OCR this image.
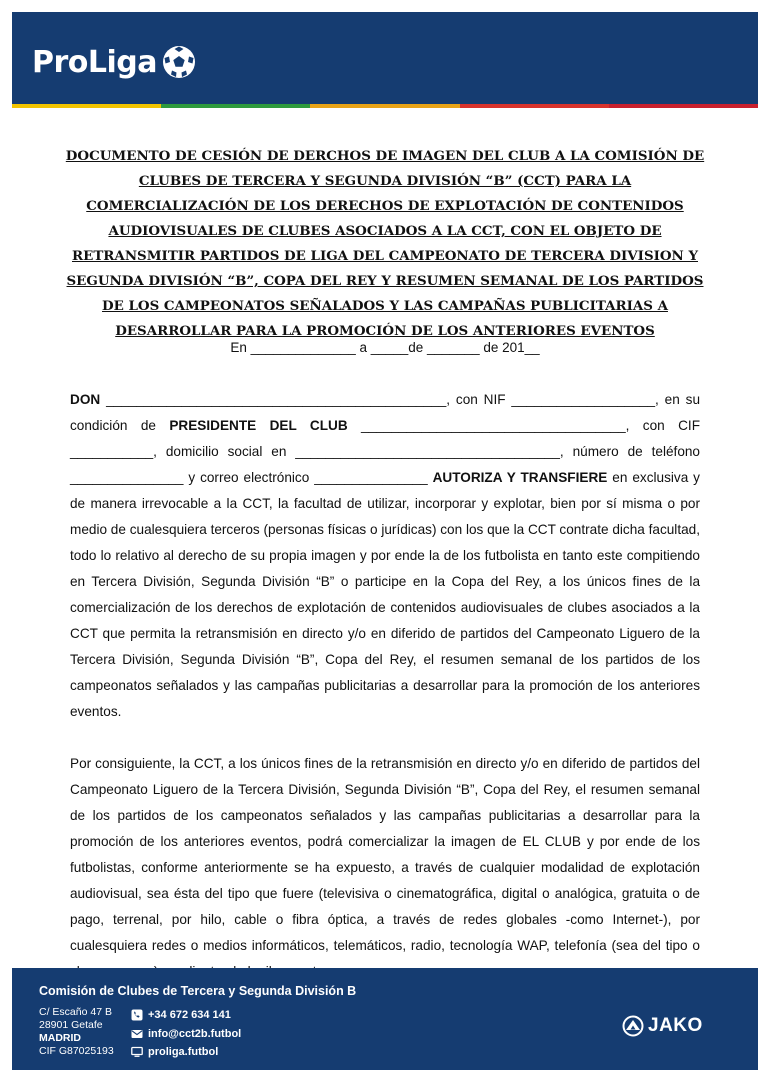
ProLiga
DOCUMENTO DE CESIÓN DE DERCHOS DE IMAGEN DEL CLUB A LA COMISIÓN DE CLUBES DE TERCERA Y SEGUNDA DIVISIÓN “B” (CCT) PARA LA COMERCIALIZACIÓN DE LOS DERECHOS DE EXPLOTACIÓN DE CONTENIDOS AUDIOVISUALES DE CLUBES ASOCIADOS A LA CCT, CON EL OBJETO DE RETRANSMITIR PARTIDOS DE LIGA DEL CAMPEONATO DE TERCERA DIVISION Y SEGUNDA DIVISIÓN “B”, COPA DEL REY Y RESUMEN SEMANAL DE LOS PARTIDOS DE LOS CAMPEONATOS SEÑALADOS Y LAS CAMPAÑAS PUBLICITARIAS A DESARROLLAR PARA LA PROMOCIÓN DE LOS ANTERIORES EVENTOS
En ______________ a _____de _______ de 201__

DON _____________________________________________, con NIF ___________________, en su condición de PRESIDENTE DEL CLUB ___________________________________, con CIF ___________, domicilio social en ___________________________________, número de teléfono _______________ y correo electrónico _______________ AUTORIZA Y TRANSFIERE en exclusiva y de manera irrevocable a la CCT, la facultad de utilizar, incorporar y explotar, bien por sí misma o por medio de cualesquiera terceros (personas físicas o jurídicas) con los que la CCT contrate dicha facultad, todo lo relativo al derecho de su propia imagen y por ende la de los futbolista en tanto este compitiendo en Tercera División, Segunda División “B” o participe en la Copa del Rey, a los únicos fines de la comercialización de los derechos de explotación de contenidos audiovisuales de clubes asociados a la CCT que permita la retransmisión en directo y/o en diferido de partidos del Campeonato Liguero de la Tercera División, Segunda División “B”, Copa del Rey, el resumen semanal de los partidos de los campeonatos señalados y las campañas publicitarias a desarrollar para la promoción de los anteriores eventos.

Por consiguiente, la CCT, a los únicos fines de la retransmisión en directo y/o en diferido de partidos del Campeonato Liguero de la Tercera División, Segunda División “B”, Copa del Rey, el resumen semanal de los partidos de los campeonatos señalados y las campañas publicitarias a desarrollar para la promoción de los anteriores eventos, podrá comercializar la imagen de EL CLUB y por ende de los futbolistas, conforme anteriormente se ha expuesto, a través de cualquier modalidad de explotación audiovisual, sea ésta del tipo que fuere (televisiva o cinematográfica, digital o analógica, gratuita o de pago, terrenal, por hilo, cable o fibra óptica, a través de redes globales -como Internet-), por cualesquiera redes o medios informáticos, telemáticos, radio, tecnología WAP, telefonía (sea del tipo o

Comisión de Clubes de Tercera y Segunda División B
C/ Escaño 47 B
28901 Getafe
MADRID
CIF G87025193
+34 672 634 141
info@cct2b.futbol
proliga.futbol
JAKO
